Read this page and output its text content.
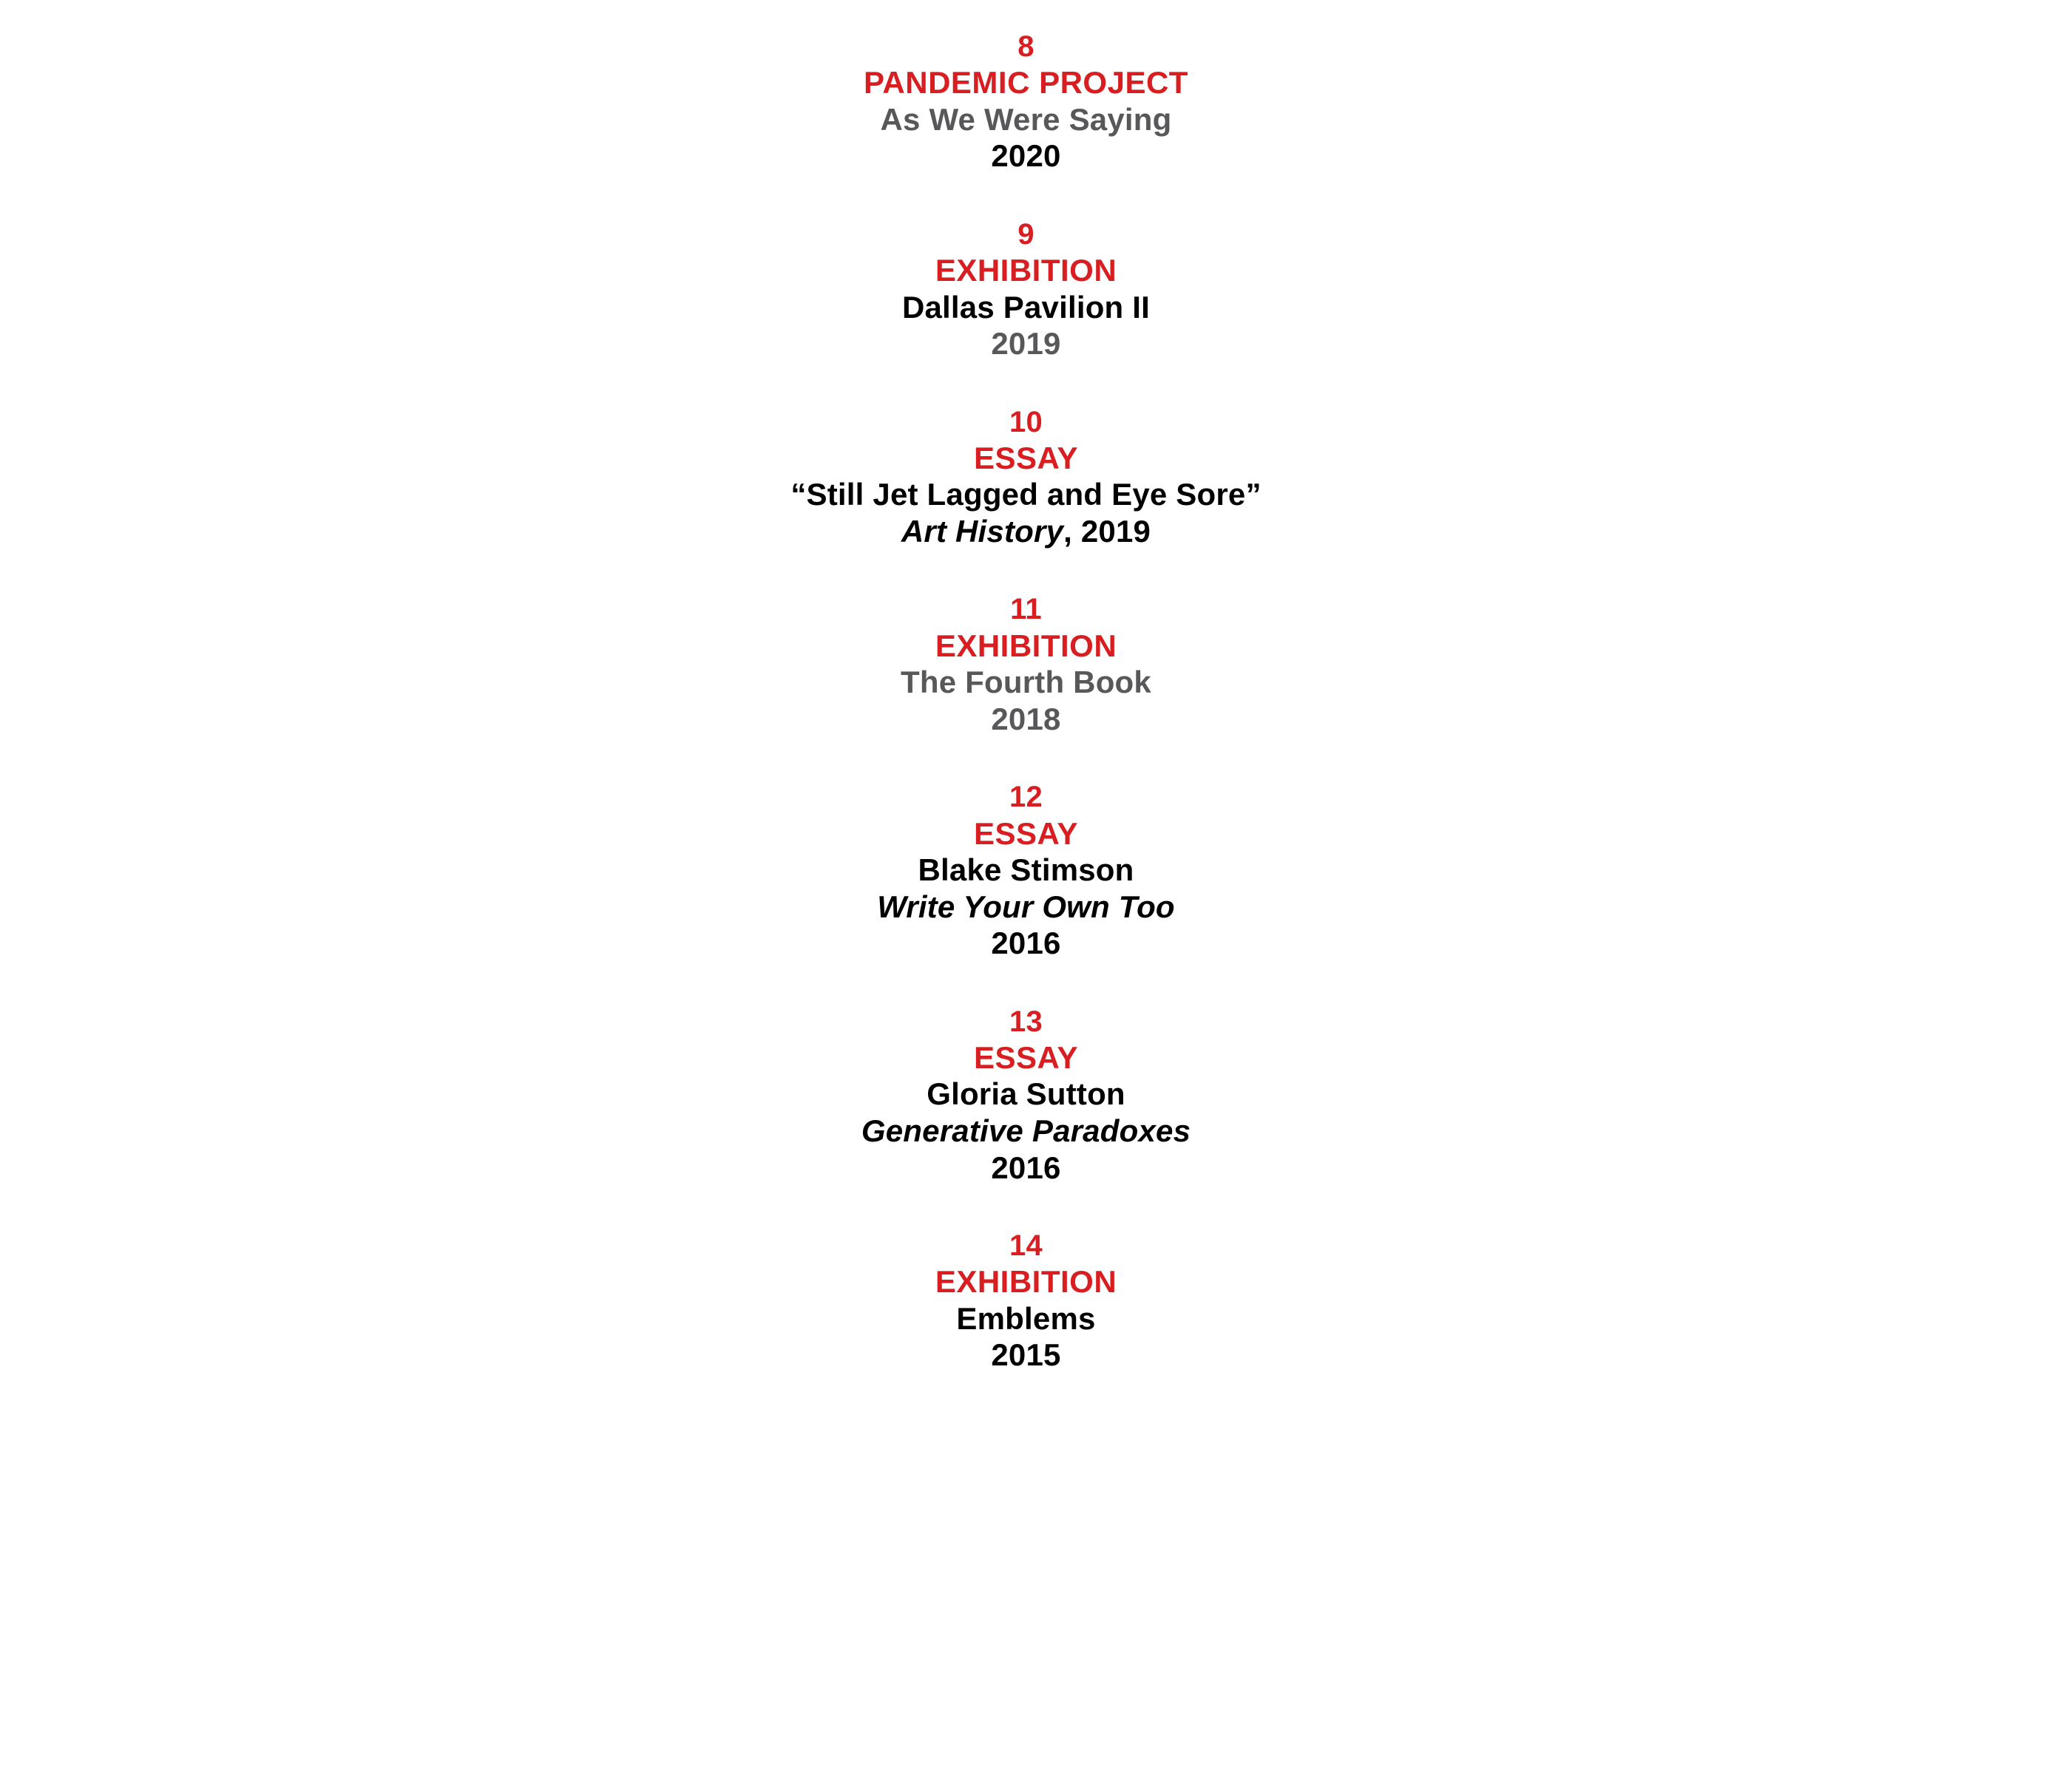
8
PANDEMIC PROJECT
As We Were Saying
2020
9
EXHIBITION
Dallas Pavilion II
2019
10
ESSAY
“Still Jet Lagged and Eye Sore”
Art History, 2019
11
EXHIBITION
The Fourth Book
2018
12
ESSAY
Blake Stimson
Write Your Own Too
2016
13
ESSAY
Gloria Sutton
Generative Paradoxes
2016
14
EXHIBITION
Emblems
2015
